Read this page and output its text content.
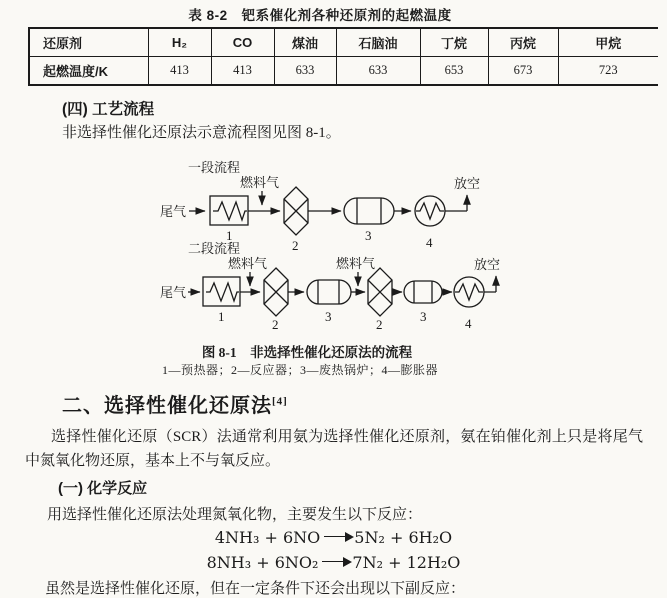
表 8-2　钯系催化剂各种还原剂的起燃温度
还原剂	H₂	CO	煤油	石脑油	丁烷	丙烷	甲烷
起燃温度/K	413	413	633	633	653	673	723
(四) 工艺流程
非选择性催化还原法示意流程图见图 8-1。
一段流程
尾气
1
燃料气
2
3	4
放空
二段流程
尾气
1
燃料气
2
3
燃料气
2
3	4
放空
图 8-1　非选择性催化还原法的流程
1—预热器；2—反应器；3—废热锅炉；4—膨胀器
二、选择性催化还原法[4]

选择性催化还原（SCR）法通常利用氨为选择性催化还原剂，氨在铂催化剂上只是将尾气中氮氧化物还原，基本上不与氧反应。

(一) 化学反应
用选择性催化还原法处理氮氧化物，主要发生以下反应：
4NH₃ + 6NO → 5N₂ + 6H₂O
8NH₃ + 6NO₂ → 7N₂ + 12H₂O
虽然是选择性催化还原，但在一定条件下还会出现以下副反应：
